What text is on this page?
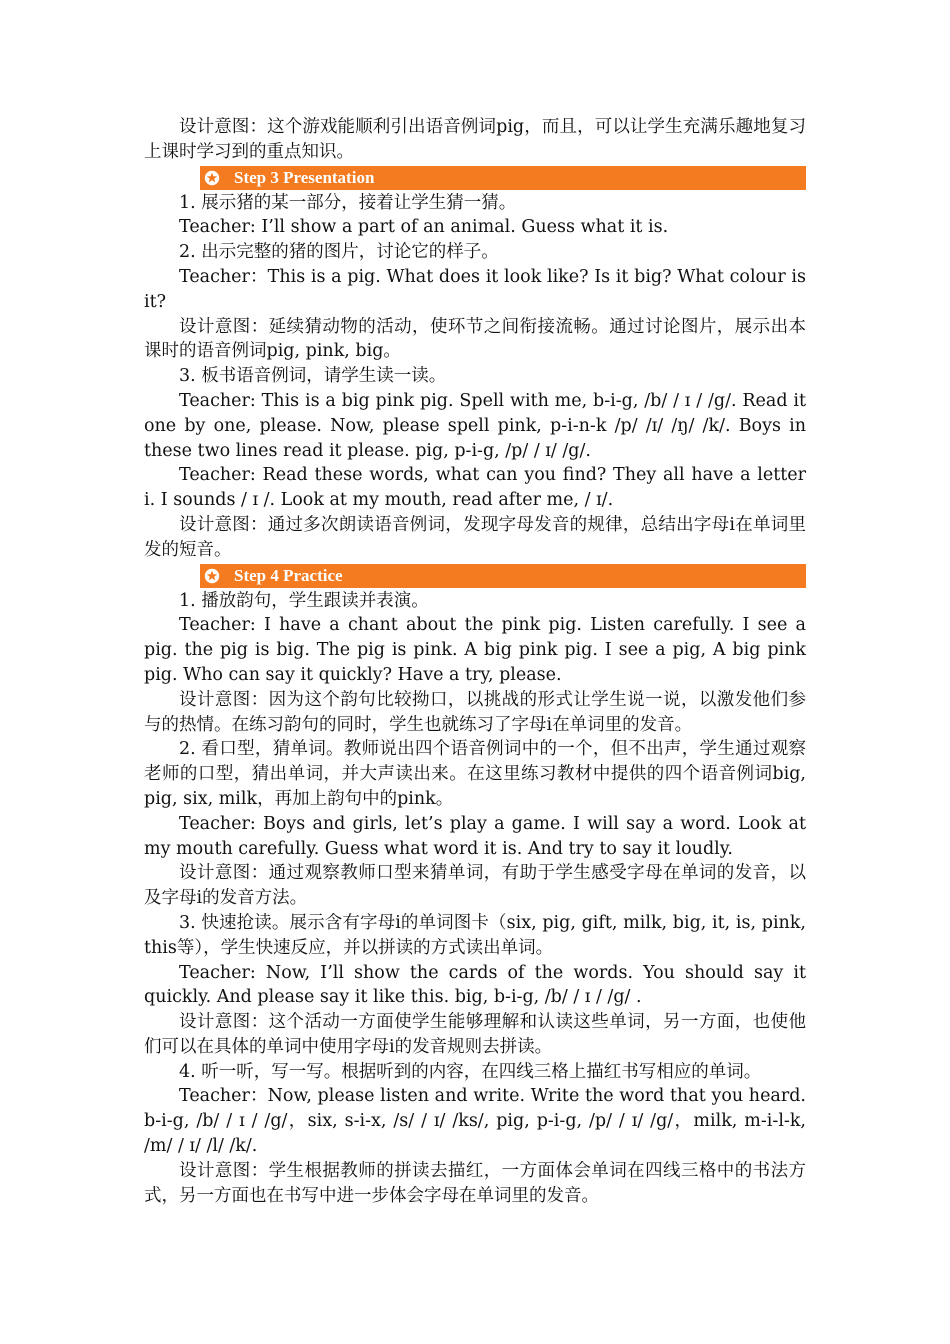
设计意图：这个游戏能顺利引出语音例词pig，而且，可以让学生充满乐趣地复习上课时学习到的重点知识。

Step 3 Presentation

1. 展示猪的某一部分，接着让学生猜一猜。

Teacher: I’ll show a part of an animal. Guess what it is.

2. 出示完整的猪的图片，讨论它的样子。

Teacher：This is a pig. What does it look like? Is it big? What colour is it?

设计意图：延续猜动物的活动，使环节之间衔接流畅。通过讨论图片，展示出本课时的语音例词pig, pink, big。

3. 板书语音例词，请学生读一读。

Teacher: This is a big pink pig. Spell with me, b-i-g, /b/ / ɪ / /g/. Read it one by one, please. Now, please spell pink, p-i-n-k /p/ /ɪ/ /ŋ/ /k/. Boys in these two lines read it please. pig, p-i-g, /p/ / ɪ/ /g/.

Teacher: Read these words, what can you find? They all have a letter i. I sounds / ɪ /. Look at my mouth, read after me, / ɪ/.

设计意图：通过多次朗读语音例词，发现字母发音的规律，总结出字母i在单词里发的短音。

Step 4 Practice

1. 播放韵句，学生跟读并表演。

Teacher: I have a chant about the pink pig. Listen carefully. I see a pig. the pig is big. The pig is pink. A big pink pig. I see a pig, A big pink pig. Who can say it quickly? Have a try, please.

设计意图：因为这个韵句比较拗口，以挑战的形式让学生说一说，以激发他们参与的热情。在练习韵句的同时，学生也就练习了字母i在单词里的发音。

2. 看口型，猜单词。教师说出四个语音例词中的一个，但不出声，学生通过观察老师的口型，猜出单词，并大声读出来。在这里练习教材中提供的四个语音例词big, pig, six, milk，再加上韵句中的pink。

Teacher: Boys and girls, let’s play a game. I will say a word. Look at my mouth carefully. Guess what word it is. And try to say it loudly.

设计意图：通过观察教师口型来猜单词，有助于学生感受字母在单词的发音，以及字母i的发音方法。

3. 快速抢读。展示含有字母i的单词图卡（six, pig, gift, milk, big, it, is, pink, this等），学生快速反应，并以拼读的方式读出单词。

Teacher: Now, I’ll show the cards of the words. You should say it quickly. And please say it like this. big, b-i-g, /b/ / ɪ / /g/ .

设计意图：这个活动一方面使学生能够理解和认读这些单词，另一方面，也使他们可以在具体的单词中使用字母i的发音规则去拼读。

4. 听一听，写一写。根据听到的内容，在四线三格上描红书写相应的单词。

Teacher：Now, please listen and write. Write the word that you heard. b-i-g, /b/ / ɪ / /g/，six, s-i-x, /s/ / ɪ/ /ks/, pig, p-i-g, /p/ / ɪ/ /g/，milk, m-i-l-k, /m/ / ɪ/ /l/ /k/.

设计意图：学生根据教师的拼读去描红，一方面体会单词在四线三格中的书法方式，另一方面也在书写中进一步体会字母在单词里的发音。
